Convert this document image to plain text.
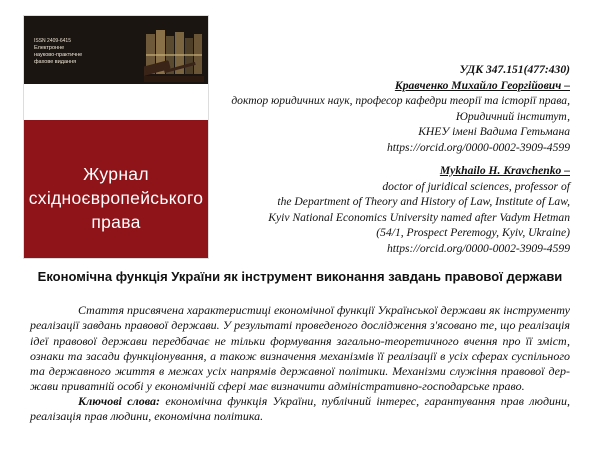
ISSN 2409-6415
Електронне
науково-практичне
фахове видання
Журнал
східноєвропейського
права
УДК 347.151(477:430)
Кравченко Михайло Георгійович –
доктор юридичних наук, професор кафедри теорії та історії права,
Юридичний інститут,
КНЕУ імені Вадима Гетьмана
https://orcid.org/0000-0002-3909-4599
Mykhailo H. Kravchenko –
doctor of juridical sciences, professor of
the Department of Theory and History of Law, Institute of Law,
Kyiv National Economics University named after Vadym Hetman
(54/1, Prospect Peremogy, Kyiv, Ukraine)
https://orcid.org/0000-0002-3909-4599
Економічна функція України як інструмент виконання завдань правової держави

Стаття присвячена характеристиці економічної функції Української держави як інструменту реалізації завдань правової держави. У результаті проведеного дослідження з'ясовано те, що реалізація ідеї правової держави передбачає не тільки формування загально-теоретичного вчення про її зміст, ознаки та засади функціонування, а також визначення механізмів її реалізації в усіх сферах суспільного та державного життя в межах усіх напрямів державної політики. Механізми служіння правової держави приватній особі у економічній сфері має визначити адміністративно-господарське право.

Ключові слова: економічна функція України, публічний інтерес, гарантування прав людини, реалізація прав людини, економічна політика.
